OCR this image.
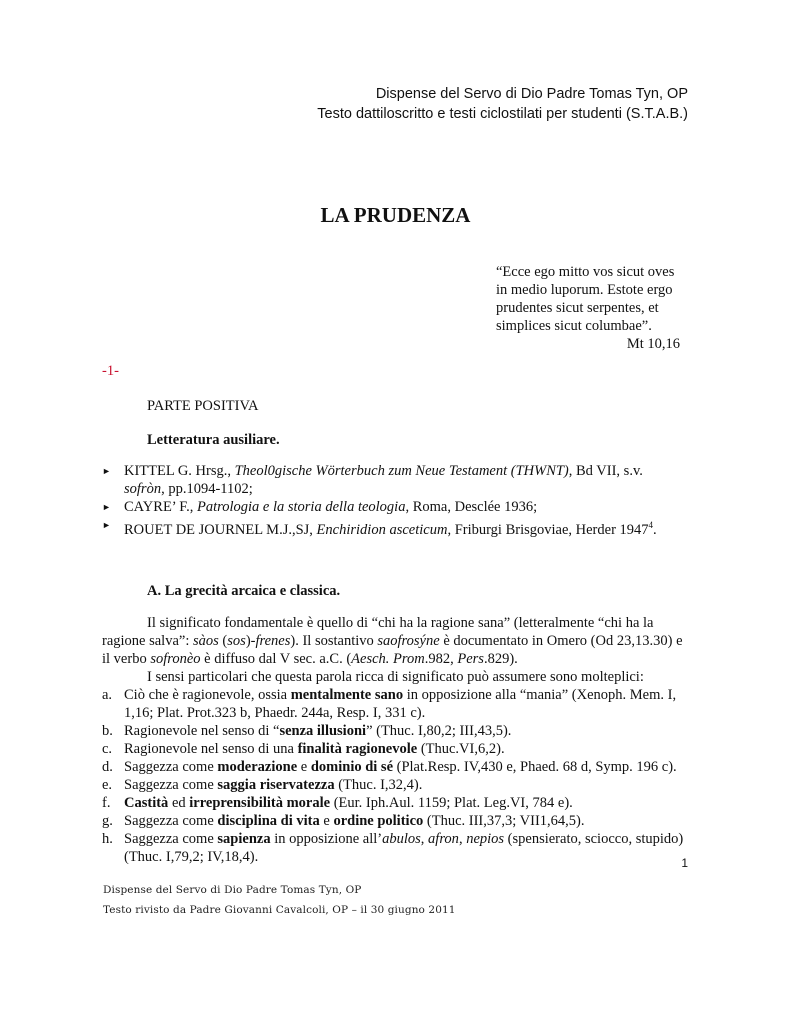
Dispense del Servo di Dio Padre Tomas Tyn, OP
Testo dattiloscritto e testi ciclostilati per studenti (S.T.A.B.)
LA PRUDENZA
“Ecce ego mitto vos sicut oves
in medio luporum. Estote ergo
prudentes sicut serpentes, et
simplices sicut columbae”.
Mt 10,16
-1-
PARTE POSITIVA
Letteratura ausiliare.
► KITTEL G. Hrsg., Theol0gische Wörterbuch zum Neue Testament (THWNT), Bd VII, s.v.
sofròn, pp.1094-1102;
► CAYRE’ F., Patrologia e la storia della teologia, Roma, Desclée 1936;
► ROUET DE JOURNEL M.J.,SJ, Enchiridion asceticum, Friburgi Brisgoviae, Herder 1947$^4$.
A. La grecità arcaica e classica.
Il significato fondamentale è quello di “chi ha la ragione sana” (letteralmente “chi ha la
ragione salva”: sàos (sos)-frenes). Il sostantivo saofrosýne è documentato in Omero (Od 23,13.30) e
il verbo sofronèo è diffuso dal V sec. a.C. (Aesch. Prom.982, Pers.829).
I sensi particolari che questa parola ricca di significato può assumere sono molteplici:
a. Ciò che è ragionevole, ossia mentalmente sano in opposizione alla “mania” (Xenoph. Mem. I,
1,16; Plat. Prot.323 b, Phaedr. 244a, Resp. I, 331 c).
b. Ragionevole nel senso di “senza illusioni” (Thuc. I,80,2; III,43,5).
c. Ragionevole nel senso di una finalità ragionevole (Thuc.VI,6,2).
d. Saggezza come moderazione e dominio di sé (Plat.Resp. IV,430 e, Phaed. 68 d, Symp. 196 c).
e. Saggezza come saggia riservatezza (Thuc. I,32,4).
f. Castità ed irreprensibilità morale (Eur. Iph.Aul. 1159; Plat. Leg.VI, 784 e).
g. Saggezza come disciplina di vita e ordine politico (Thuc. III,37,3; VII1,64,5).
h. Saggezza come sapienza in opposizione all’abulos, afron, nepios (spensierato, sciocco, stupido)
(Thuc. I,79,2; IV,18,4).	1
Dispense del Servo di Dio Padre Tomas Tyn, OP
Testo rivisto da Padre Giovanni Cavalcoli, OP – il 30 giugno 2011
